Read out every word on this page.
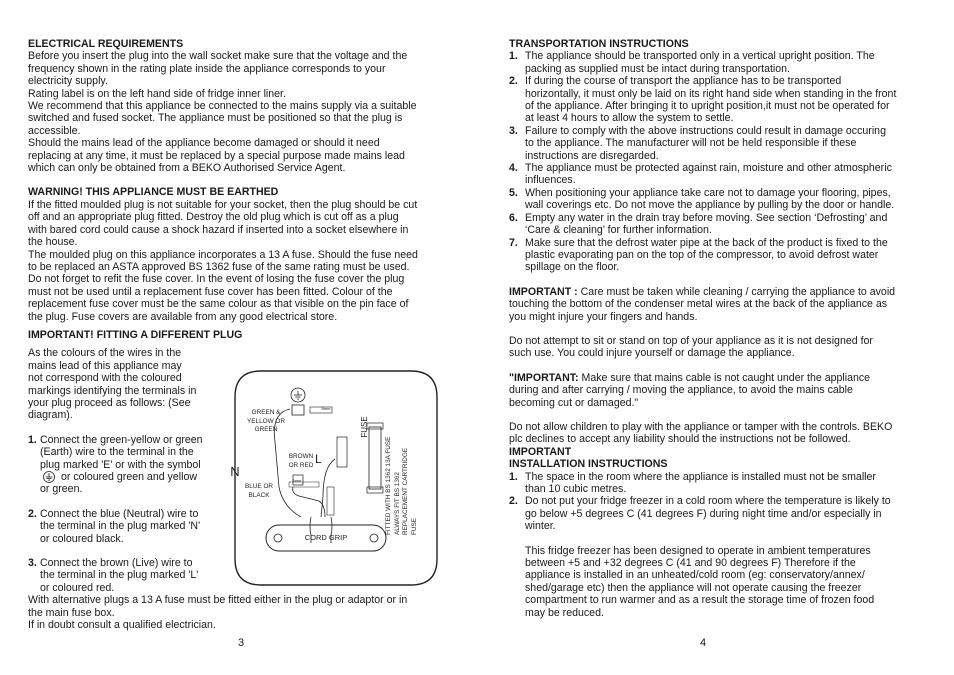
ELECTRICAL REQUIREMENTS

Before you insert the plug into the wall socket make sure that the voltage and the frequency shown in the rating plate inside the appliance corresponds to your electricity supply.

Rating label is on the left hand side of fridge inner liner.

We recommend that this appliance be connected to the mains supply via a suitable switched and fused socket. The appliance must be positioned so that the plug is accessible.

Should the mains lead of the appliance become damaged or should it need replacing at any time, it must be replaced by a special purpose made mains lead which can only be obtained from a BEKO Authorised Service Agent.

WARNING! THIS APPLIANCE MUST BE EARTHED

If the fitted moulded plug is not suitable for your socket, then the plug should be cut off and an appropriate plug fitted. Destroy the old plug which is cut off as a plug with bared cord could cause a shock hazard if inserted into a socket elsewhere in the house.

The moulded plug on this appliance incorporates a 13 A fuse. Should the fuse need to be replaced an ASTA approved BS 1362 fuse of the same rating must be used. Do not forget to refit the fuse cover. In the event of losing the fuse cover the plug must not be used until a replacement fuse cover has been fitted. Colour of the replacement fuse cover must be the same colour as that visible on the pin face of the plug. Fuse covers are available from any good electrical store.

IMPORTANT! FITTING A DIFFERENT PLUG

As the colours of the wires in the mains lead of this appliance may not correspond with the coloured markings identifying the terminals in your plug proceed as follows: (See diagram).

1. Connect the green-yellow or green (Earth) wire to the terminal in the plug marked 'E' or with the symbol  or coloured green and yellow or green.
2. Connect the blue (Neutral) wire to the terminal in the plug marked 'N' or coloured black.
3. Connect the brown (Live) wire to the terminal in the plug marked 'L' or coloured red.

With alternative plugs a 13 A fuse must be fitted either in the plug or adaptor or in the main fuse box.

If in doubt consult a qualified electrician.

GREEN & YELLOW OR GREEN
8mm
5mm
L
BROWN OR RED
N
BLUE OR BLACK
FUSE
FITTED WITH BS 1362 13A FUSE ALWAYS FIT BS 1362 REPLACEMENT CARTRIDGE FUSE
CORD GRIP
3
TRANSPORTATION INSTRUCTIONS
1. The appliance should be transported only in a vertical upright position. The packing as supplied must be intact during transportation.
2. If during the course of transport the appliance has to be transported horizontally, it must only be laid on its right hand side when standing in the front of the appliance. After bringing it to upright position,it must not be operated for at least 4 hours to allow the system to settle.
3. Failure to comply with the above instructions could result in damage occuring to the appliance. The manufacturer will not be held responsible if these instructions are disregarded.
4. The appliance must be protected against rain, moisture and other atmospheric influences.
5. When positioning your appliance take care not to damage your flooring, pipes, wall coverings etc. Do not move the appliance by pulling by the door or handle.
6. Empty any water in the drain tray before moving. See section ‘Defrosting’ and ‘Care & cleaning’ for further information.
7. Make sure that the defrost water pipe at the back of the product is fixed to the plastic evaporating pan on the top of the compressor, to avoid defrost water spillage on the floor.

IMPORTANT : Care must be taken while cleaning / carrying the appliance to avoid touching the bottom of the condenser metal wires at the back of the appliance as you might injure your fingers and hands.

Do not attempt to sit or stand on top of your appliance as it is not designed for such use. You could injure yourself or damage the appliance.

"IMPORTANT: Make sure that mains cable is not caught under the appliance during and after carrying / moving the appliance, to avoid the mains cable becoming cut or damaged."

Do not allow children to play with the appliance or tamper with the controls. BEKO plc declines to accept any liability should the instructions not be followed.

IMPORTANT
INSTALLATION INSTRUCTIONS
1. The space in the room where the appliance is installed must not be smaller than 10 cubic metres.
2. Do not put your fridge freezer in a cold room where the temperature is likely to go below +5 degrees C (41 degrees F) during night time and/or especially in winter.

This fridge freezer has been designed to operate in ambient temperatures between +5 and +32 degrees C (41 and 90 degrees F) Therefore if the appliance is installed in an unheated/cold room (eg: conservatory/annex/ shed/garage etc) then the appliance will not operate causing the freezer compartment to run warmer and as a result the storage time of frozen food may be reduced.

4
